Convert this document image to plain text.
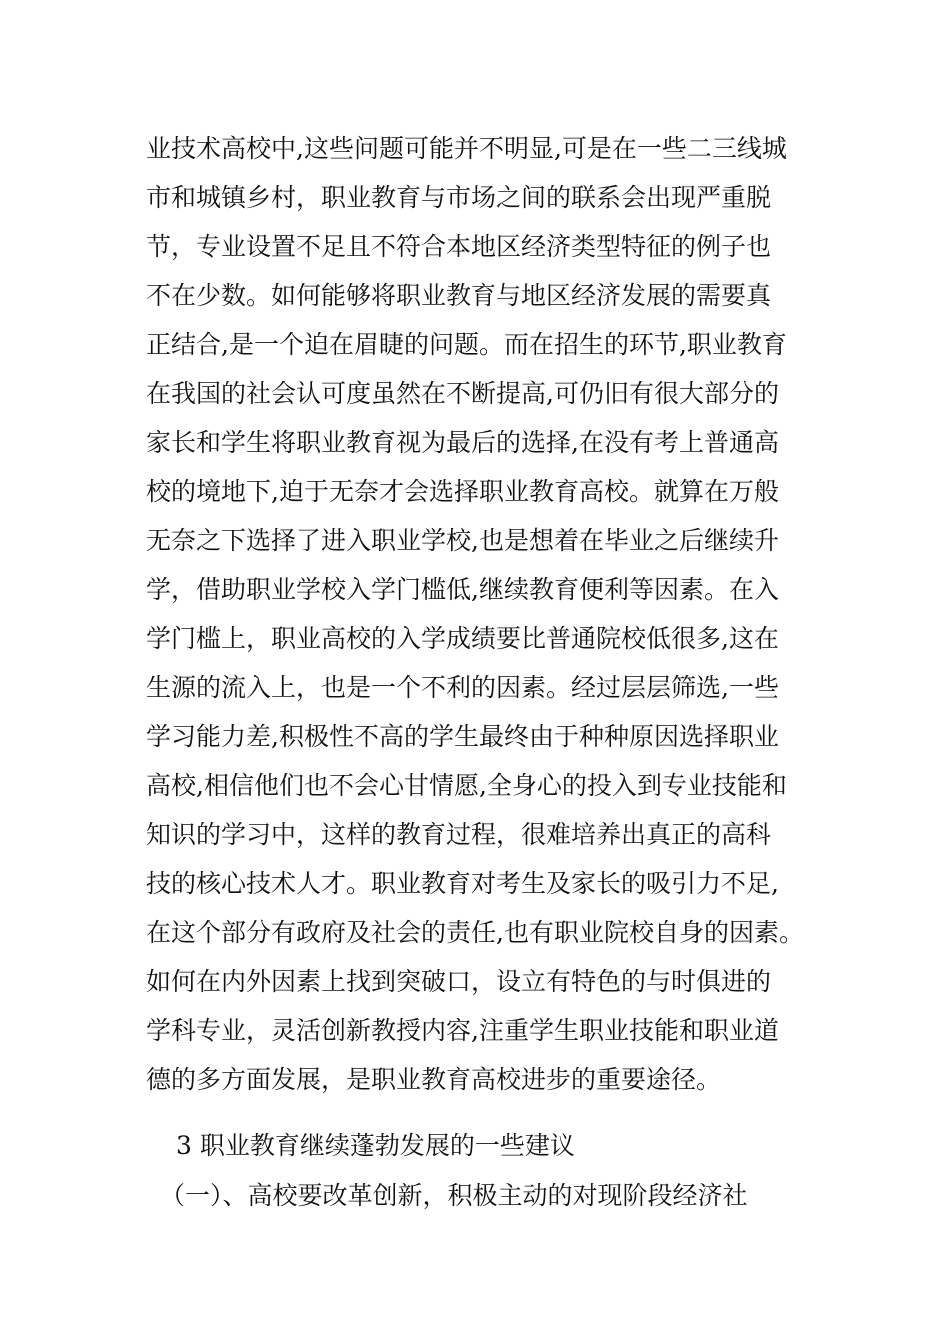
业技术高校中,这些问题可能并不明显,可是在一些二三线城
市和城镇乡村，职业教育与市场之间的联系会出现严重脱
节，专业设置不足且不符合本地区经济类型特征的例子也
不在少数。如何能够将职业教育与地区经济发展的需要真
正结合,是一个迫在眉睫的问题。而在招生的环节,职业教育
在我国的社会认可度虽然在不断提高,可仍旧有很大部分的
家长和学生将职业教育视为最后的选择,在没有考上普通高
校的境地下,迫于无奈才会选择职业教育高校。就算在万般
无奈之下选择了进入职业学校,也是想着在毕业之后继续升
学，借助职业学校入学门槛低,继续教育便利等因素。在入
学门槛上，职业高校的入学成绩要比普通院校低很多,这在
生源的流入上，也是一个不利的因素。经过层层筛选,一些
学习能力差,积极性不高的学生最终由于种种原因选择职业
高校,相信他们也不会心甘情愿,全身心的投入到专业技能和
知识的学习中，这样的教育过程，很难培养出真正的高科
技的核心技术人才。职业教育对考生及家长的吸引力不足,
在这个部分有政府及社会的责任,也有职业院校自身的因素。
如何在内外因素上找到突破口，设立有特色的与时俱进的
学科专业，灵活创新教授内容,注重学生职业技能和职业道
德的多方面发展，是职业教育高校进步的重要途径。
3 职业教育继续蓬勃发展的一些建议
（一）、高校要改革创新，积极主动的对现阶段经济社
